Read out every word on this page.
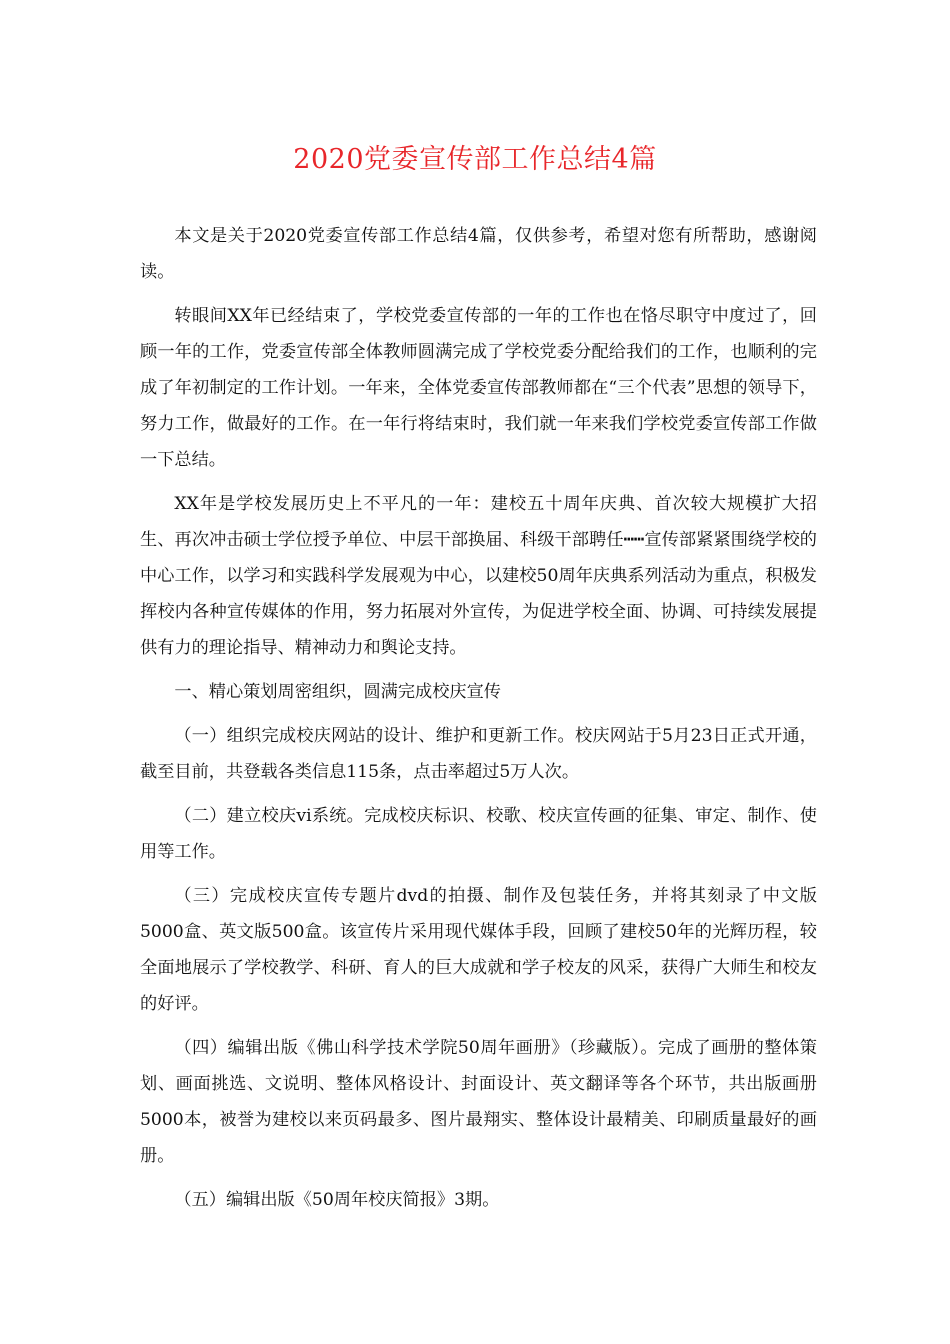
2020党委宣传部工作总结4篇

本文是关于2020党委宣传部工作总结4篇，仅供参考，希望对您有所帮助，感谢阅读。

转眼间XX年已经结束了，学校党委宣传部的一年的工作也在恪尽职守中度过了，回顾一年的工作，党委宣传部全体教师圆满完成了学校党委分配给我们的工作，也顺利的完成了年初制定的工作计划。一年来，全体党委宣传部教师都在“三个代表”思想的领导下，努力工作，做最好的工作。在一年行将结束时，我们就一年来我们学校党委宣传部工作做一下总结。

XX年是学校发展历史上不平凡的一年：建校五十周年庆典、首次较大规模扩大招生、再次冲击硕士学位授予单位、中层干部换届、科级干部聘任┅┅宣传部紧紧围绕学校的中心工作，以学习和实践科学发展观为中心，以建校50周年庆典系列活动为重点，积极发挥校内各种宣传媒体的作用，努力拓展对外宣传，为促进学校全面、协调、可持续发展提供有力的理论指导、精神动力和舆论支持。

一、精心策划周密组织，圆满完成校庆宣传

（一）组织完成校庆网站的设计、维护和更新工作。校庆网站于5月23日正式开通，截至目前，共登载各类信息115条，点击率超过5万人次。

（二）建立校庆vi系统。完成校庆标识、校歌、校庆宣传画的征集、审定、制作、使用等工作。

（三）完成校庆宣传专题片dvd的拍摄、制作及包装任务，并将其刻录了中文版5000盒、英文版500盒。该宣传片采用现代媒体手段，回顾了建校50年的光辉历程，较全面地展示了学校教学、科研、育人的巨大成就和学子校友的风采，获得广大师生和校友的好评。

（四）编辑出版《佛山科学技术学院50周年画册》（珍藏版）。完成了画册的整体策划、画面挑选、文说明、整体风格设计、封面设计、英文翻译等各个环节，共出版画册5000本，被誉为建校以来页码最多、图片最翔实、整体设计最精美、印刷质量最好的画册。

（五）编辑出版《50周年校庆简报》3期。
